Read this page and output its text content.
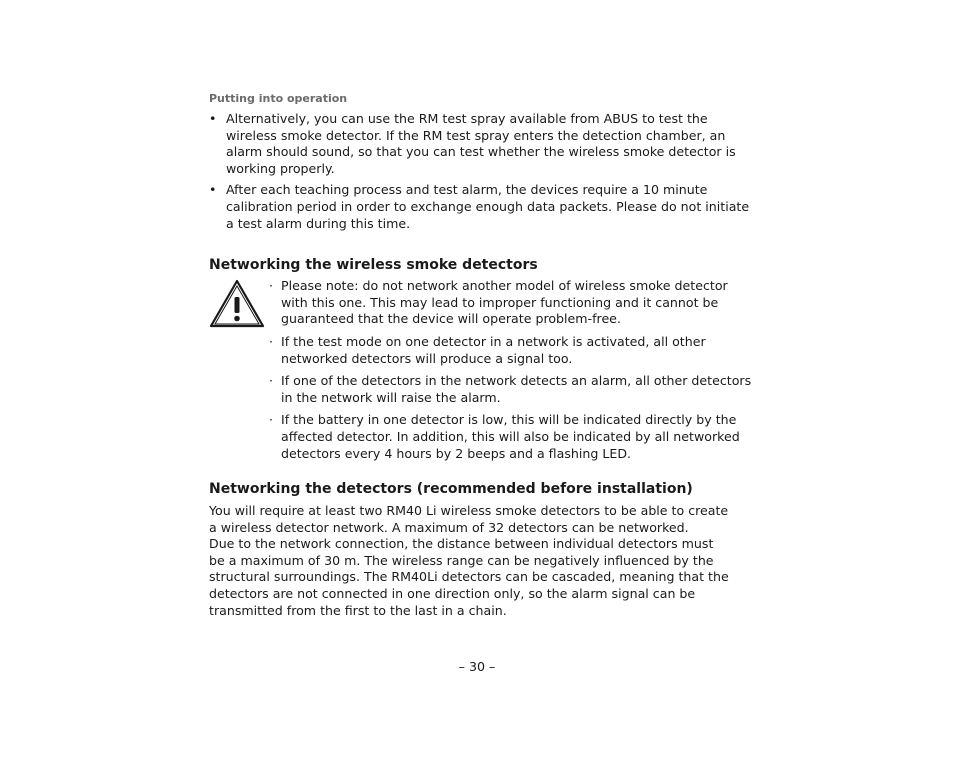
Putting into operation
• Alternatively, you can use the RM test spray available from ABUS to test the wireless smoke detector. If the RM test spray enters the detection chamber, an alarm should sound, so that you can test whether the wireless smoke detector is working properly.
• After each teaching process and test alarm, the devices require a 10 minute calibration period in order to exchange enough data packets. Please do not initiate a test alarm during this time.
Networking the wireless smoke detectors
· Please note: do not network another model of wireless smoke detector with this one. This may lead to improper functioning and it cannot be guaranteed that the device will operate problem-free.
· If the test mode on one detector in a network is activated, all other networked detectors will produce a signal too.
· If one of the detectors in the network detects an alarm, all other detectors in the network will raise the alarm.
· If the battery in one detector is low, this will be indicated directly by the affected detector. In addition, this will also be indicated by all networked detectors every 4 hours by 2 beeps and a flashing LED.
Networking the detectors (recommended before installation)

You will require at least two RM40 Li wireless smoke detectors to be able to create
a wireless detector network. A maximum of 32 detectors can be networked.
Due to the network connection, the distance between individual detectors must
be a maximum of 30 m. The wireless range can be negatively influenced by the
structural surroundings. The RM40Li detectors can be cascaded, meaning that the
detectors are not connected in one direction only, so the alarm signal can be
transmitted from the first to the last in a chain.

– 30 –
